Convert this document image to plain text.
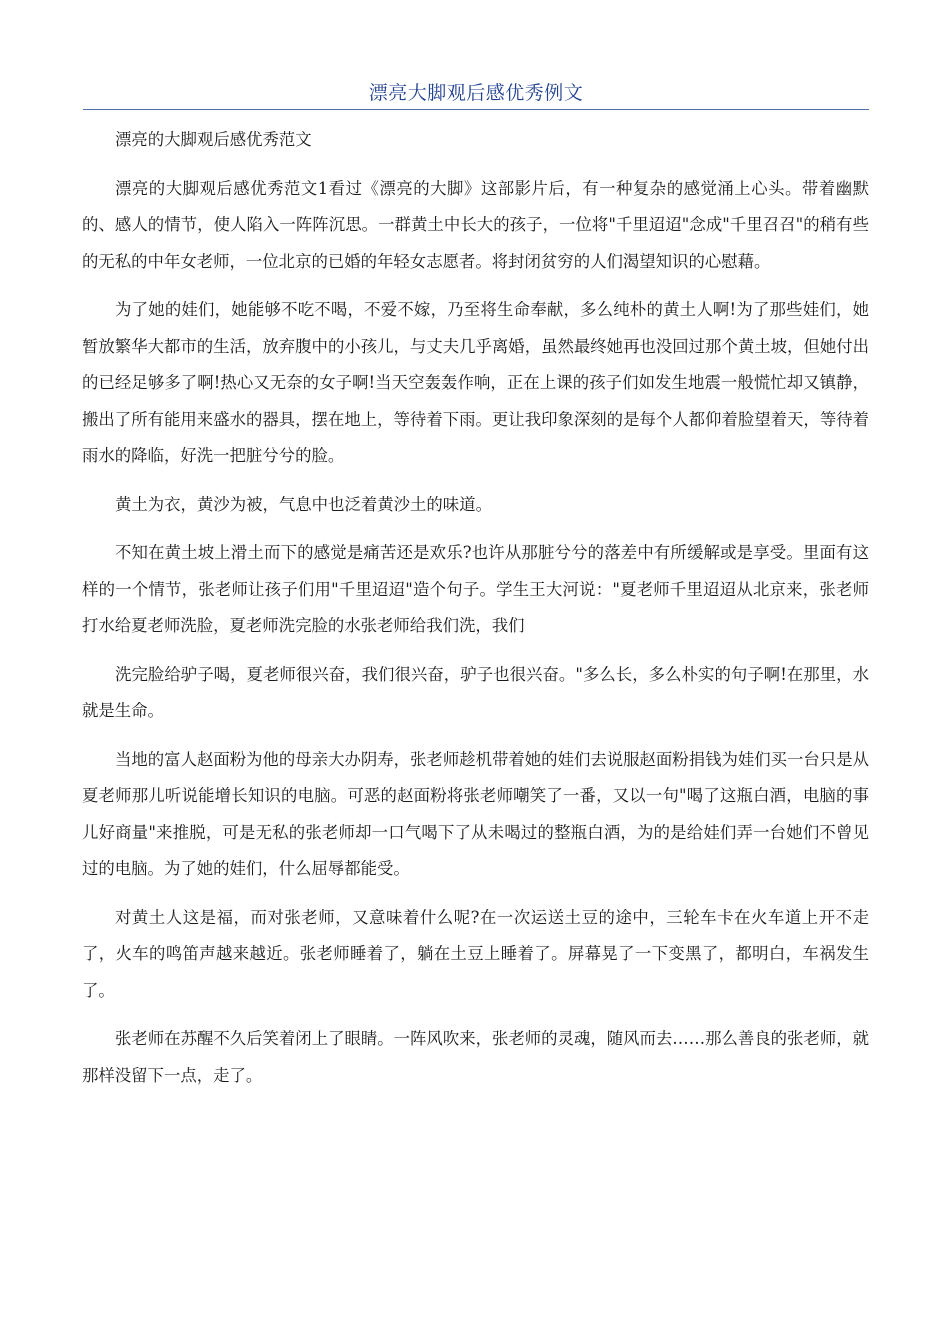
漂亮大脚观后感优秀例文

漂亮的大脚观后感优秀范文

漂亮的大脚观后感优秀范文1看过《漂亮的大脚》这部影片后，有一种复杂的感觉涌上心头。带着幽默的、感人的情节，使人陷入一阵阵沉思。一群黄土中长大的孩子，一位将"千里迢迢"念成"千里召召"的稍有些的无私的中年女老师，一位北京的已婚的年轻女志愿者。将封闭贫穷的人们渴望知识的心慰藉。

为了她的娃们，她能够不吃不喝，不爱不嫁，乃至将生命奉献，多么纯朴的黄土人啊!为了那些娃们，她暂放繁华大都市的生活，放弃腹中的小孩儿，与丈夫几乎离婚，虽然最终她再也没回过那个黄土坡，但她付出的已经足够多了啊!热心又无奈的女子啊!当天空轰轰作响，正在上课的孩子们如发生地震一般慌忙却又镇静，搬出了所有能用来盛水的器具，摆在地上，等待着下雨。更让我印象深刻的是每个人都仰着脸望着天，等待着雨水的降临，好洗一把脏兮兮的脸。

黄土为衣，黄沙为被，气息中也泛着黄沙土的味道。

不知在黄土坡上滑土而下的感觉是痛苦还是欢乐?也许从那脏兮兮的落差中有所缓解或是享受。里面有这样的一个情节，张老师让孩子们用"千里迢迢"造个句子。学生王大河说："夏老师千里迢迢从北京来，张老师打水给夏老师洗脸，夏老师洗完脸的水张老师给我们洗，我们

洗完脸给驴子喝，夏老师很兴奋，我们很兴奋，驴子也很兴奋。"多么长，多么朴实的句子啊!在那里，水就是生命。

当地的富人赵面粉为他的母亲大办阴寿，张老师趁机带着她的娃们去说服赵面粉捐钱为娃们买一台只是从夏老师那儿听说能增长知识的电脑。可恶的赵面粉将张老师嘲笑了一番，又以一句"喝了这瓶白酒，电脑的事儿好商量"来推脱，可是无私的张老师却一口气喝下了从未喝过的整瓶白酒，为的是给娃们弄一台她们不曾见过的电脑。为了她的娃们，什么屈辱都能受。

对黄土人这是福，而对张老师，又意味着什么呢?在一次运送土豆的途中，三轮车卡在火车道上开不走了，火车的鸣笛声越来越近。张老师睡着了，躺在土豆上睡着了。屏幕晃了一下变黑了，都明白，车祸发生了。

张老师在苏醒不久后笑着闭上了眼睛。一阵风吹来，张老师的灵魂，随风而去……那么善良的张老师，就那样没留下一点，走了。
